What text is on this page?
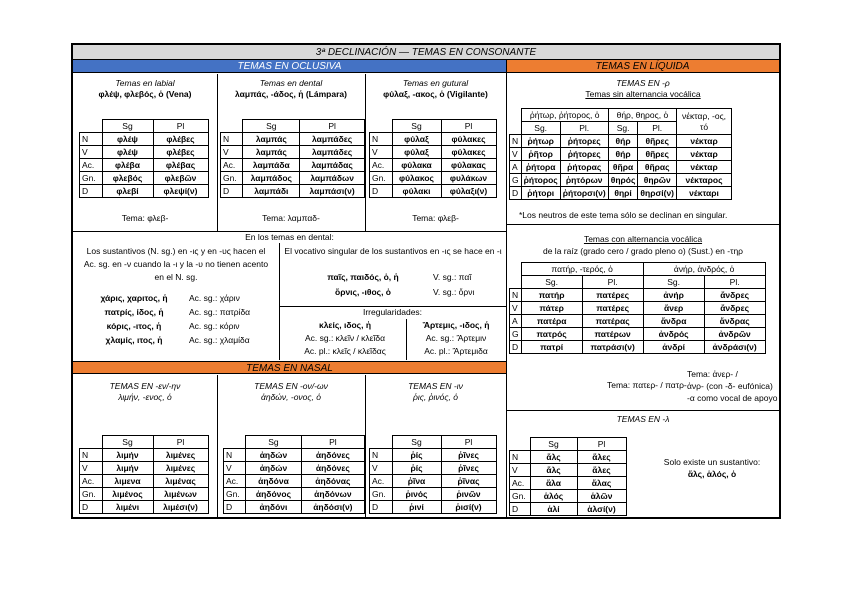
3ª DECLINACIÓN — TEMAS EN CONSONANTE
TEMAS EN OCLUSIVA	TEMAS EN LÍQUIDA
Temas en labial
φλέψ, φλεβός, ὁ (Vena)
	Sg	Pl
N	φλέψ	φλέβες
V	φλέψ	φλέβες
Ac.	φλέβα	φλέβας
Gn.	φλεβός	φλεβῶν
D	φλεβί	φλεψί(ν)
Tema: φλεβ-
Temas en dental
λαμπάς, -άδος, ἡ (Lámpara)
	Sg	Pl
N	λαμπάς	λαμπάδες
V	λαμπάς	λαμπάδες
Ac.	λαμπάδα	λαμπάδας
Gn.	λαμπάδος	λαμπάδων
D	λαμπάδι	λαμπάσι(ν)
Tema: λαμπαδ-
Temas en gutural
φύλαξ, -ακος, ὁ (Vigilante)
	Sg	Pl
N	φύλαξ	φύλακες
V	φύλαξ	φύλακες
Ac.	φύλακα	φύλακας
Gn.	φύλακος	φυλάκων
D	φύλακι	φύλαξι(ν)
Tema: φλεβ-
En los temas en dental:
Los sustantivos (N. sg.) en -ις y en -υς hacen el Ac. sg. en -ν cuando la -ι y la -υ no tienen acento en el N. sg.
χάρις, χαριτος, ἡ	Ac. sg.: χάριν
πατρίς, ίδος, ἡ	Ac. sg.: πατρίδα
κόρις, -ιτος, ἡ	Ac. sg.: κόριν
χλαμίς, ιτος, ἡ	Ac. sg.: χλαμίδα
El vocativo singular de los sustantivos en -ις se hace en -ι
παῖς, παιδός, ὁ, ἡ	V. sg.: παῖ
ὄρνις, -ιθος, ὁ	V. sg.: ὄρνι
Irregularidades:
κλείς, ιδος, ἡ
Ac. sg.: κλεῖν / κλεῖδα
Ac. pl.: κλεῖς / κλεῖδας
Ἄρτεμις, -ιδος, ἡ
Ac. sg.: Ἄρτεμιν
Ac. pl.: Ἄρτεμιδα
TEMAS EN NASAL
TEMAS EN -εν/-ην
λιμήν, -ενος, ὁ
	Sg	Pl
N	λιμήν	λιμένες
V	λιμήν	λιμένες
Ac.	λιμενα	λιμένας
Gn.	λιμένος	λιμένων
D	λιμένι	λιμέσι(ν)
TEMAS EN -ον/-ων
ἀηδών, -ονος, ὁ
	Sg	Pl
N	ἀηδών	ἀηδόνες
V	ἀηδών	ἀηδόνες
Ac.	ἀηδόνα	ἀηδόνας
Gn.	ἀηδόνος	ἀηδόνων
D	ἀηδόνι	ἀηδόσι(ν)
TEMAS EN -ιν
ῥις, ῥινός, ὁ
	Sg	Pl
N	ῥίς	ῥῖνες
V	ῥίς	ῥῖνες
Ac.	ῥῖνα	ῥῖνας
Gn.	ῥινός	ῥινῶν
D	ῥινί	ῥισί(ν)
TEMAS EN -ρ
Temas sin alternancia vocálica
	ῥήτωρ, ῥήτορος, ὁ		θήρ, θηρος, ὁ		νέκταρ, -ος, τό
	Sg.	Pl.	Sg.	Pl.	
N	ῥήτωρ	ῥήτορες	θήρ	θῆρες	νέκταρ
V	ῥῆτορ	ῥήτορες	θήρ	θῆρες	νέκταρ
A	ῥήτορα	ῥήτορας	θῆρα	θῆρας	νέκταρ
G	ῥήτορος	ῥητόρων	θηρός	θηρῶν	νέκταρος
D	ῥήτορι	ῥήτορσι(ν)	θηρί	θηρσί(ν)	νέκταρι
*Los neutros de este tema sólo se declinan en singular.
Temas con alternancia vocálica
de la raíz (grado cero / grado pleno o) (Sust.) en -τηρ
	πατήρ, -τερός, ὁ		ἀνήρ, ἀνδρός, ὁ	
	Sg.	Pl.	Sg.	Pl.
N	πατήρ	πατέρες	ἀνήρ	ἄνδρες
V	πάτερ	πατέρες	ἄνερ	ἄνδρες
A	πατέρα	πατέρας	ἄνδρα	ἄνδρας
G	πατρός	πατέρων	ἀνδρός	ἀνδρῶν
D	πατρί	πατράσι(ν)	ἀνδρί	ἀνδράσι(ν)
Tema: πατερ- / πατρ-
Tema: ἀνερ- /
ἀνρ- (con -δ- eufónica)
-α como vocal de apoyo
TEMAS EN -λ
	Sg	Pl
N	ἅλς	ἅλες
V	ἅλς	ἅλες
Ac.	ἅλα	ἅλας
Gn.	ἁλός	ἁλῶν
D	ἁλί	ἁλσί(ν)
Solo existe un sustantivo:
ἅλς, ἁλός, ὁ
